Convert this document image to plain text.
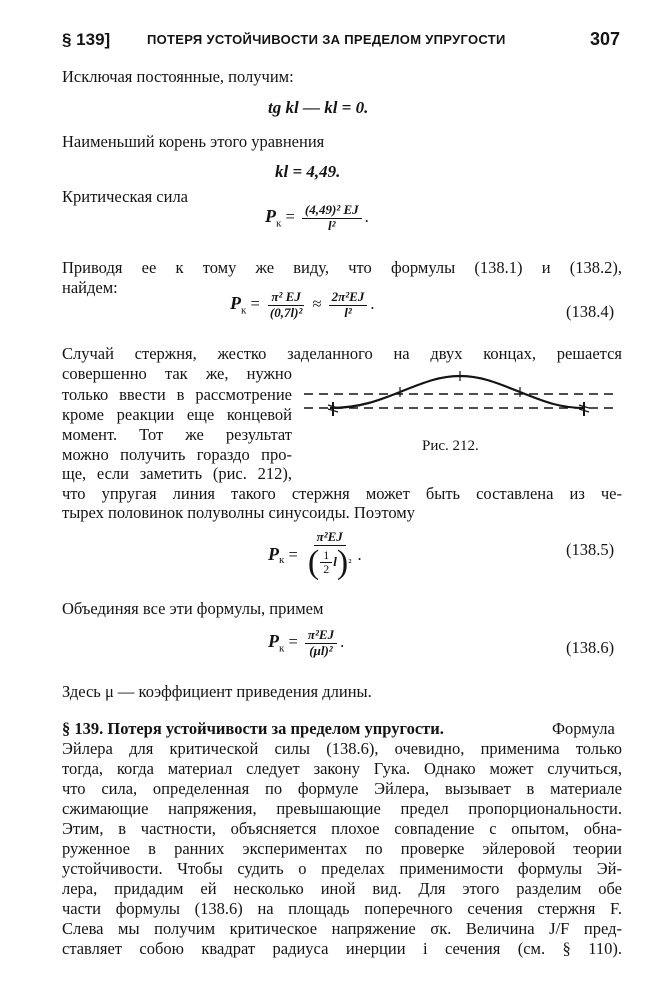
§ 139]	ПОТЕРЯ УСТОЙЧИВОСТИ ЗА ПРЕДЕЛОМ УПРУГОСТИ	307
Исключая постоянные, получим:
tg kl — kl = 0.
Наименьший корень этого уравнения
kl = 4,49.
Критическая сила
$P_к = \frac{\text{(4,49)² EJ}}{\text{l²}}$ .
Приводя ее к тому же виду, что формулы (138.1) и (138.2),
найдем:
$P_к = \frac{\text{π² EJ}}{\text{(0,7l)²}} \approx \frac{\text{2π²EJ}}{\text{l²}}$ .	(138.4)
Случай стержня, жестко заделанного на двух концах, решается
совершенно так же, нужно
только ввести в рассмотрение
кроме реакции еще концевой
момент. Тот же результат
можно получить гораздо про-
ще, если заметить (рис. 212),
Рис. 212.
что упругая линия такого стержня может быть составлена из че-
тырех половинок полуволны синусоиды. Поэтому
$P_к = \frac{\text{π²EJ}}{( \frac{1}{2} l ) ^2}$ .	(138.5)
Объединяя все эти формулы, примем
$P_к = \frac{\text{π²EJ}}{\text{(μl)²}}$ .	(138.6)
Здесь μ — коэффициент приведения длины.
§ 139. Потеря устойчивости за пределом упругости.	Формула
Эйлера для критической силы (138.6), очевидно, применима только
тогда, когда материал следует закону Гука. Однако может случиться,
что сила, определенная по формуле Эйлера, вызывает в материале
сжимающие напряжения, превышающие предел пропорциональности.
Этим, в частности, объясняется плохое совпадение с опытом, обна-
руженное в ранних экспериментах по проверке эйлеровой теории
устойчивости. Чтобы судить о пределах применимости формулы Эй-
лера, придадим ей несколько иной вид. Для этого разделим обе
части формулы (138.6) на площадь поперечного сечения стержня F.
Слева мы получим критическое напряжение σк. Величина J/F пред-
ставляет собою квадрат радиуса инерции i сечения (см. § 110).
